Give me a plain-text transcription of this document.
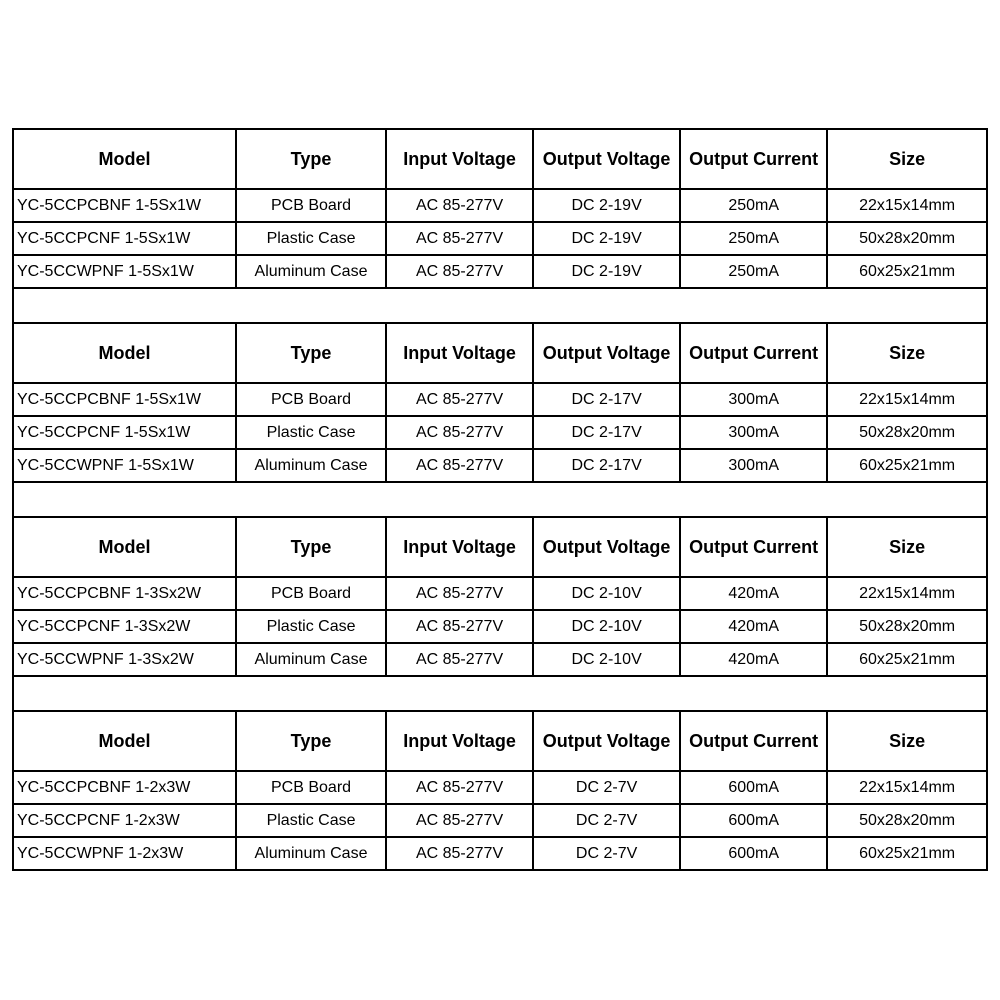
Model	Type	Input Voltage	Output Voltage	Output Current	Size
YC-5CCPCBNF 1-5Sx1W	PCB Board	AC 85-277V	DC 2-19V	250mA	22x15x14mm
YC-5CCPCNF 1-5Sx1W	Plastic Case	AC 85-277V	DC 2-19V	250mA	50x28x20mm
YC-5CCWPNF 1-5Sx1W	Aluminum Case	AC 85-277V	DC 2-19V	250mA	60x25x21mm
Model	Type	Input Voltage	Output Voltage	Output Current	Size
YC-5CCPCBNF 1-5Sx1W	PCB Board	AC 85-277V	DC 2-17V	300mA	22x15x14mm
YC-5CCPCNF 1-5Sx1W	Plastic Case	AC 85-277V	DC 2-17V	300mA	50x28x20mm
YC-5CCWPNF 1-5Sx1W	Aluminum Case	AC 85-277V	DC 2-17V	300mA	60x25x21mm
Model	Type	Input Voltage	Output Voltage	Output Current	Size
YC-5CCPCBNF 1-3Sx2W	PCB Board	AC 85-277V	DC 2-10V	420mA	22x15x14mm
YC-5CCPCNF 1-3Sx2W	Plastic Case	AC 85-277V	DC 2-10V	420mA	50x28x20mm
YC-5CCWPNF 1-3Sx2W	Aluminum Case	AC 85-277V	DC 2-10V	420mA	60x25x21mm
Model	Type	Input Voltage	Output Voltage	Output Current	Size
YC-5CCPCBNF 1-2x3W	PCB Board	AC 85-277V	DC 2-7V	600mA	22x15x14mm
YC-5CCPCNF 1-2x3W	Plastic Case	AC 85-277V	DC 2-7V	600mA	50x28x20mm
YC-5CCWPNF 1-2x3W	Aluminum Case	AC 85-277V	DC 2-7V	600mA	60x25x21mm
